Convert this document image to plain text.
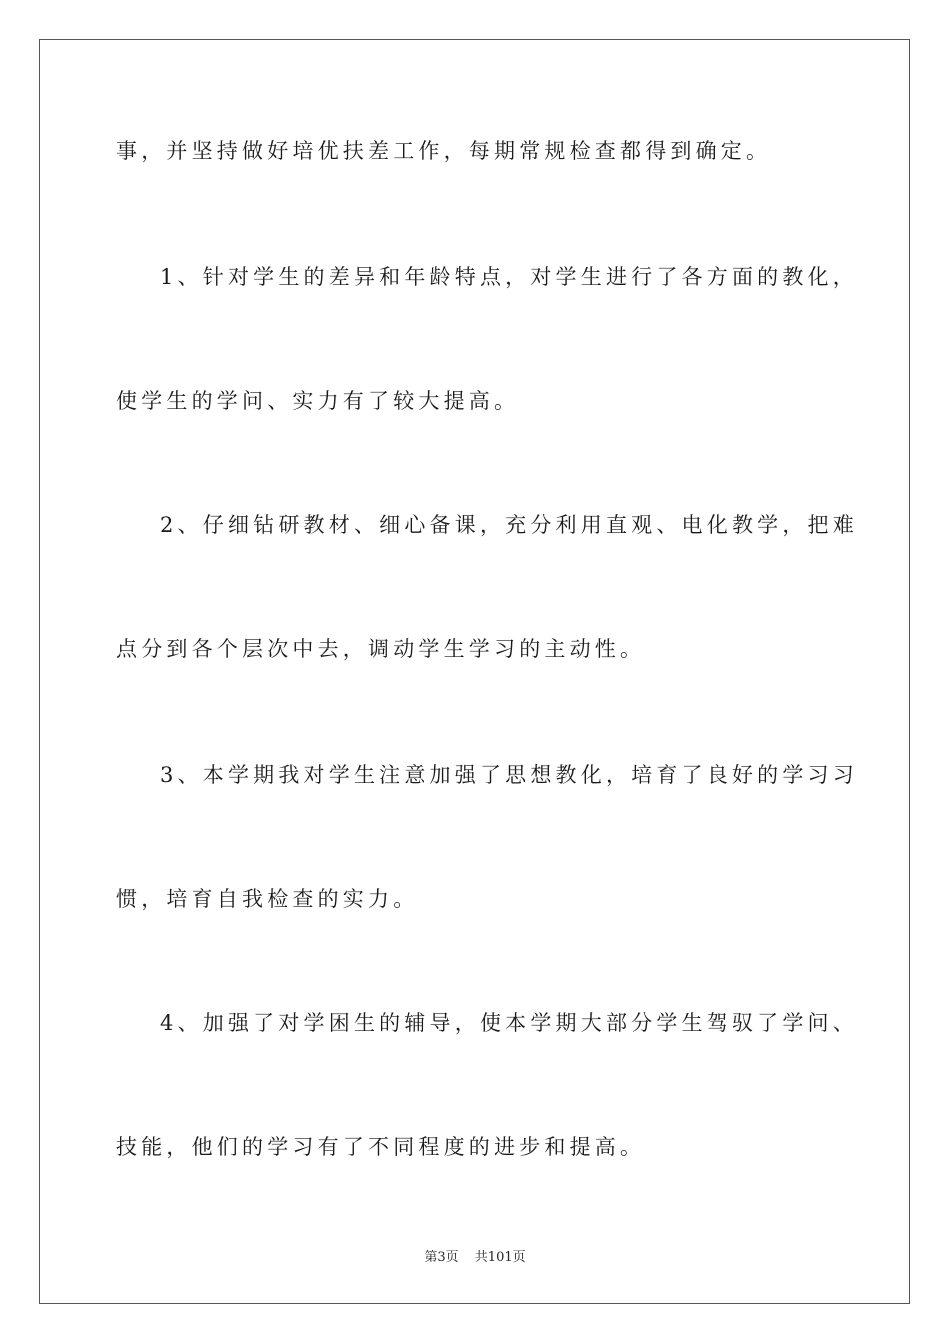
事，并坚持做好培优扶差工作，每期常规检查都得到确定。
1、针对学生的差异和年龄特点，对学生进行了各方面的教化，
使学生的学问、实力有了较大提高。
2、仔细钻研教材、细心备课，充分利用直观、电化教学，把难
点分到各个层次中去，调动学生学习的主动性。
3、本学期我对学生注意加强了思想教化，培育了良好的学习习
惯，培育自我检查的实力。
4、加强了对学困生的辅导，使本学期大部分学生驾驭了学问、
技能，他们的学习有了不同程度的进步和提高。
第3页 共101页
